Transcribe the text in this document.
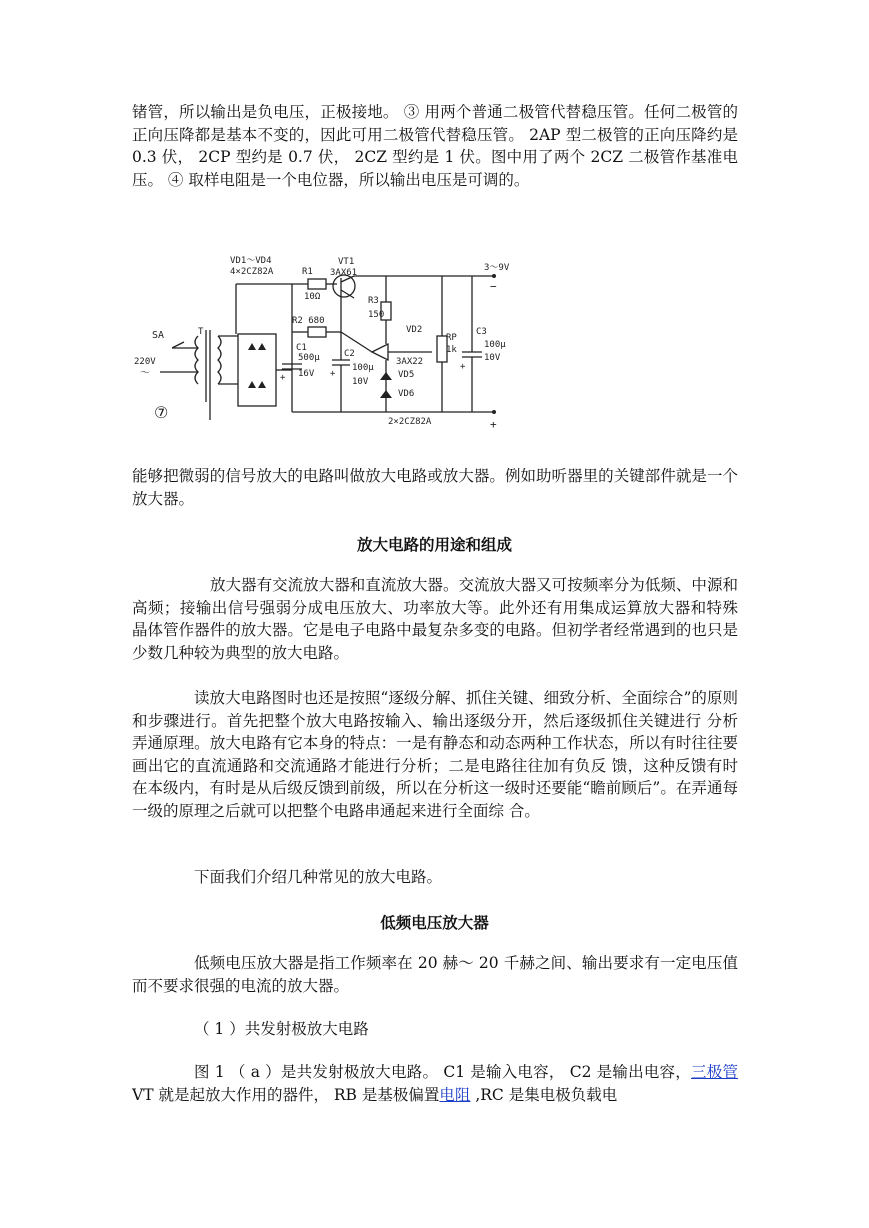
锗管，所以输出是负电压，正极接地。 ③ 用两个普通二极管代替稳压管。任何二极管的正向压降都是基本不变的，因此可用二极管代替稳压管。 2AP 型二极管的正向压降约是 0.3 伏， 2CP 型约是 0.7 伏， 2CZ 型约是 1 伏。图中用了两个 2CZ 二极管作基准电压。 ④ 取样电阻是一个电位器，所以输出电压是可调的。

VD1～VD4
4×2CZ82A	R1
10Ω
VT1
3AX61	3～9V
R3
150
R2 680
VD2
3AX22
RP
1k
C3
100μ
10V
SA	T
220V
～
C1
500μ
16V
C2
100μ
10V
VD5
VD6
2×2CZ82A
⑦
−
+
+	+
+

能够把微弱的信号放大的电路叫做放大电路或放大器。例如助听器里的关键部件就是一个放大器。

放大电路的用途和组成

放大器有交流放大器和直流放大器。交流放大器又可按频率分为低频、中源和高频；接输出信号强弱分成电压放大、功率放大等。此外还有用集成运算放大器和特殊 晶体管作器件的放大器。它是电子电路中最复杂多变的电路。但初学者经常遇到的也只是少数几种较为典型的放大电路。

读放大电路图时也还是按照“逐级分解、抓住关键、细致分析、全面综合”的原则和步骤进行。首先把整个放大电路按输入、输出逐级分开，然后逐级抓住关键进行 分析弄通原理。放大电路有它本身的特点：一是有静态和动态两种工作状态，所以有时往往要画出它的直流通路和交流通路才能进行分析；二是电路往往加有负反 馈，这种反馈有时在本级内，有时是从后级反馈到前级，所以在分析这一级时还要能“瞻前顾后”。在弄通每一级的原理之后就可以把整个电路串通起来进行全面综 合。

下面我们介绍几种常见的放大电路。

低频电压放大器

低频电压放大器是指工作频率在 20 赫～ 20 千赫之间、输出要求有一定电压值而不要求很强的电流的放大器。

（ 1 ）共发射极放大电路

图 1 （ a ）是共发射极放大电路。 C1 是输入电容， C2 是输出电容，三极管 VT 就是起放大作用的器件， RB 是基极偏置电阻 ,RC 是集电极负载电
